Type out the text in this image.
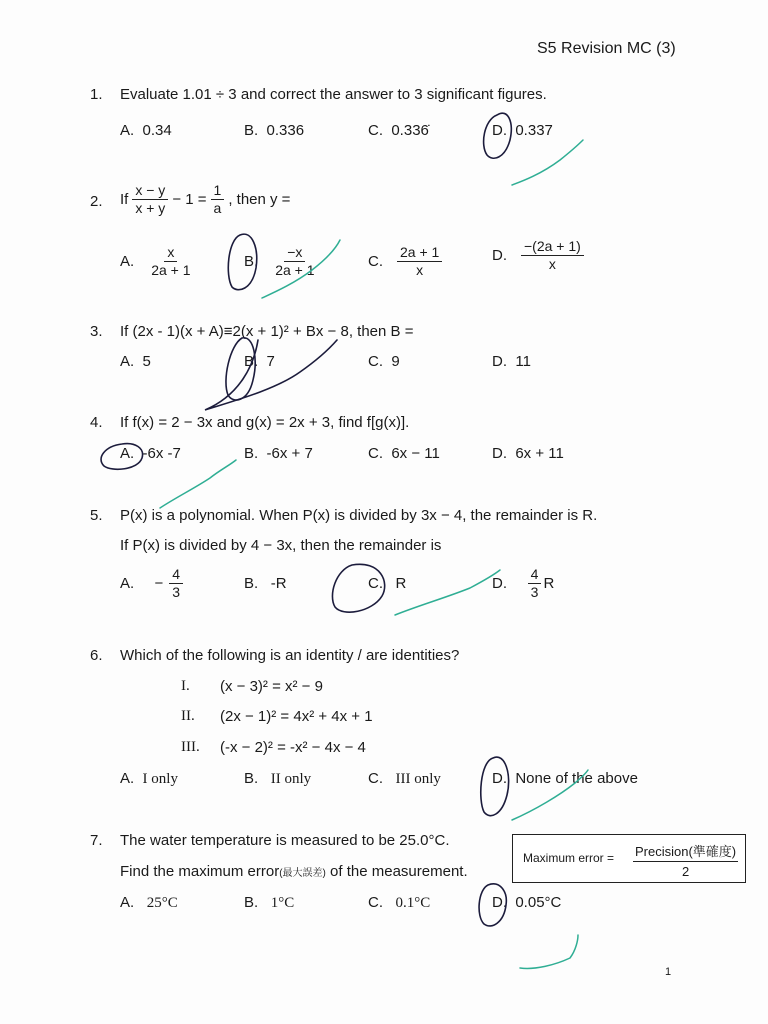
S5 Revision MC (3)
1.	Evaluate 1.01 ÷ 3 and correct the answer to 3 significant figures.
A. 0.34	B. 0.336	C. 0.336̇	D. 0.337
2.	If $\frac{x - y}{x + y} - 1 = \frac{1}{a}$ , then y =
A. $\frac{x}{2a + 1}$	B. $\frac{-x}{2a + 1}$	C. $\frac{2a + 1}{x}$	D. $\frac{-(2a + 1)}{x}$
3.	If (2x - 1)(x + A)≡2(x + 1)² + Bx − 8, then B =
A. 5	B. 7	C. 9	D. 11
4.	If f(x) = 2 − 3x and g(x) = 2x + 3, find f[g(x)].
A. -6x -7	B. -6x + 7	C. 6x − 11	D. 6x + 11
5.	P(x) is a polynomial. When P(x) is divided by 3x − 4, the remainder is R.
If P(x) is divided by 4 − 3x, then the remainder is
A.
− $\frac{4}{3}$	B. -R	C. R	D.
$\frac{4}{3}$ R
6.	Which of the following is an identity / are identities?
I. (x − 3)² = x² − 9
II. (2x − 1)² = 4x² + 4x + 1
III. (-x − 2)² = -x² − 4x − 4
A. I only	B. II only	C. III only	D. None of the above
7.	The water temperature is measured to be 25.0°C.
Find the maximum error(最大誤差) of the measurement.
A. 25°C	B. 1°C	C. 0.1°C	D. 0.05°C
Maximum error = Precision(準確度)
2
1
